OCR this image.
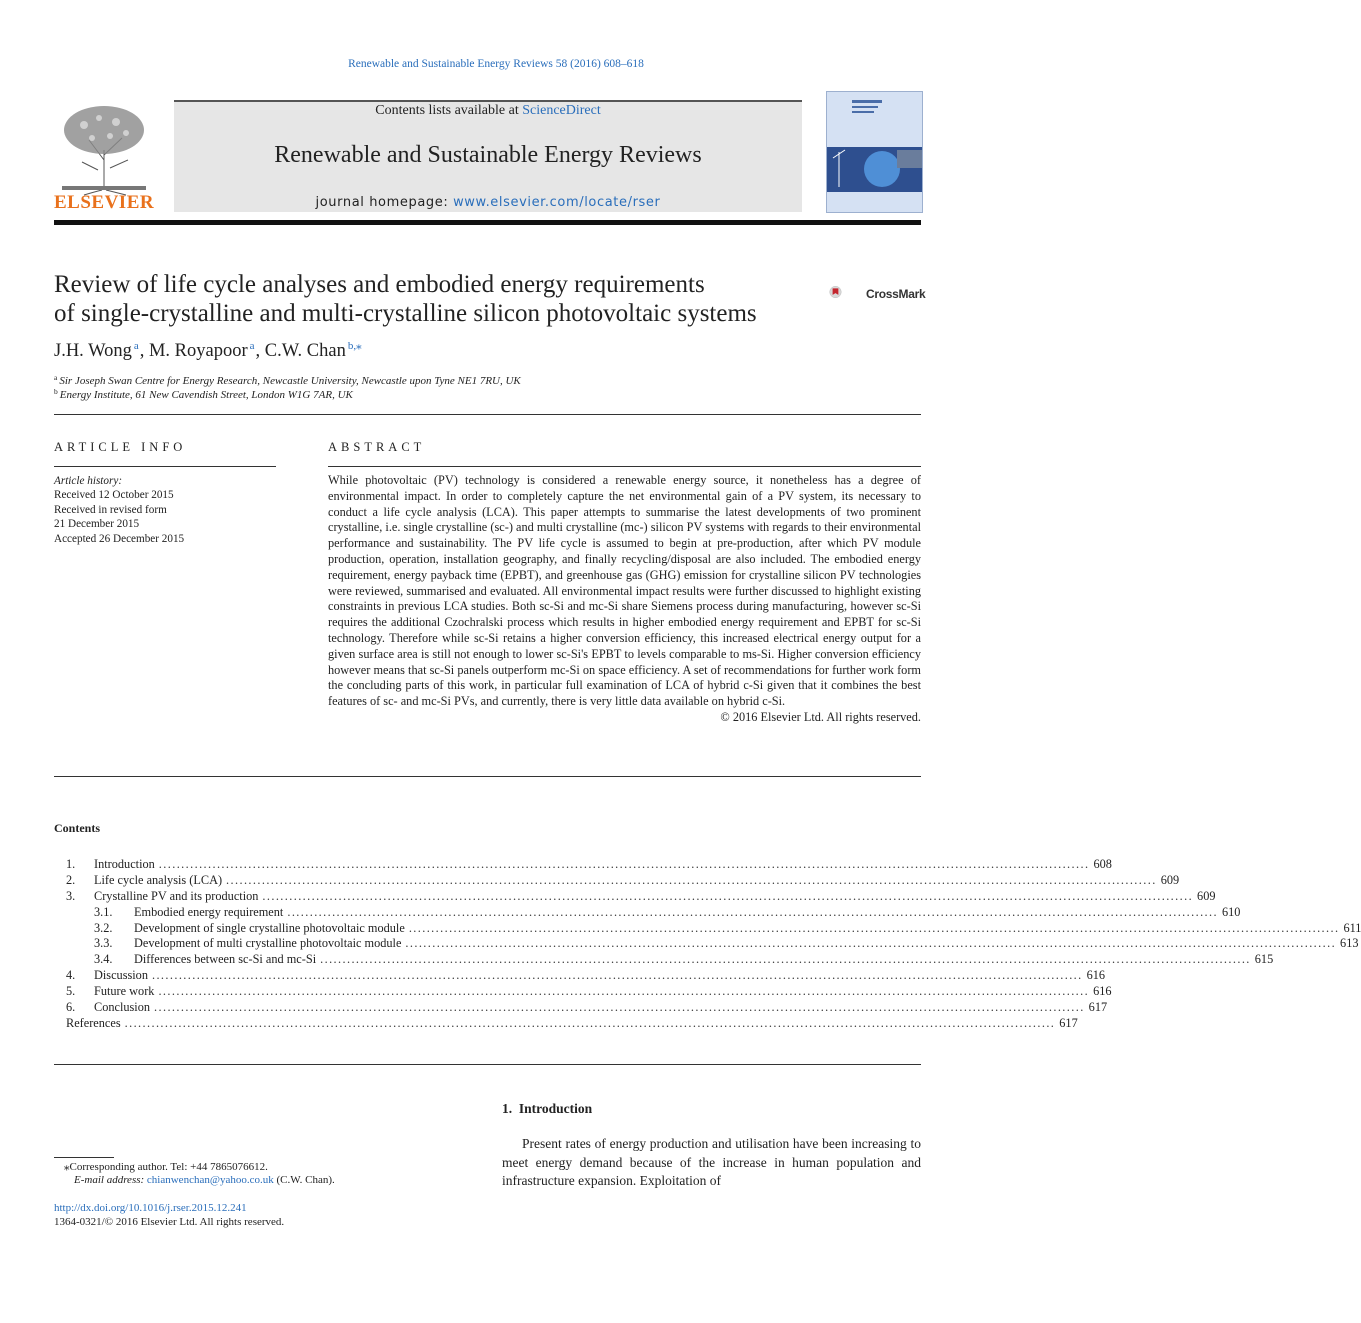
Renewable and Sustainable Energy Reviews 58 (2016) 608–618
ELSEVIER
Contents lists available at ScienceDirect
Renewable and Sustainable Energy Reviews
journal homepage: www.elsevier.com/locate/rser
Review of life cycle analyses and embodied energy requirements
of single-crystalline and multi-crystalline silicon photovoltaic systems
CrossMark
J.H. Wong $^a$, M. Royapoor $^a$, C.W. Chan $^{b,⁎}$
$^a$ Sir Joseph Swan Centre for Energy Research, Newcastle University, Newcastle upon Tyne NE1 7RU, UK
$^b$ Energy Institute, 61 New Cavendish Street, London W1G 7AR, UK
ARTICLE INFO
Article history:
Received 12 October 2015
Received in revised form
21 December 2015
Accepted 26 December 2015
ABSTRACT
While photovoltaic (PV) technology is considered a renewable energy source, it nonetheless has a degree of environmental impact. In order to completely capture the net environmental gain of a PV system, its necessary to conduct a life cycle analysis (LCA). This paper attempts to summarise the latest developments of two prominent crystalline, i.e. single crystalline (sc-) and multi crystalline (mc-) silicon PV systems with regards to their environmental performance and sustainability. The PV life cycle is assumed to begin at pre-production, after which PV module production, operation, installation geography, and finally recycling/disposal are also included. The embodied energy requirement, energy payback time (EPBT), and greenhouse gas (GHG) emission for crystalline silicon PV technologies were reviewed, summarised and evaluated. All environmental impact results were further discussed to highlight existing constraints in previous LCA studies. Both sc-Si and mc-Si share Siemens process during manufacturing, however sc-Si requires the additional Czochralski process which results in higher embodied energy requirement and EPBT for sc-Si technology. Therefore while sc-Si retains a higher conversion efficiency, this increased electrical energy output for a given surface area is still not enough to lower sc-Si's EPBT to levels comparable to ms-Si. Higher conversion efficiency however means that sc-Si panels outperform mc-Si on space efficiency. A set of recommendations for further work form the concluding parts of this work, in particular full examination of LCA of hybrid c-Si given that it combines the best features of sc- and mc-Si PVs, and currently, there is very little data available on hybrid c-Si.
© 2016 Elsevier Ltd. All rights reserved.
Contents
1.	Introduction ................................................................................................................................................................................................................ 608
2.	Life cycle analysis (LCA) ................................................................................................................................................................................................................ 609
3.	Crystalline PV and its production ................................................................................................................................................................................................................ 609
3.1.	Embodied energy requirement ................................................................................................................................................................................................................ 610
3.2.	Development of single crystalline photovoltaic module ................................................................................................................................................................................................................ 611
3.3.	Development of multi crystalline photovoltaic module ................................................................................................................................................................................................................ 613
3.4.	Differences between sc-Si and mc-Si ................................................................................................................................................................................................................ 615
4.	Discussion ................................................................................................................................................................................................................ 616
5.	Future work ................................................................................................................................................................................................................ 616
6.	Conclusion ................................................................................................................................................................................................................ 617
References ................................................................................................................................................................................................................ 617
1. Introduction
Present rates of energy production and utilisation have been increasing to meet energy demand because of the increase in human population and infrastructure expansion. Exploitation of
⁎Corresponding author. Tel: +44 7865076612.
E-mail address: chianwenchan@yahoo.co.uk (C.W. Chan).
http://dx.doi.org/10.1016/j.rser.2015.12.241
1364-0321/© 2016 Elsevier Ltd. All rights reserved.
